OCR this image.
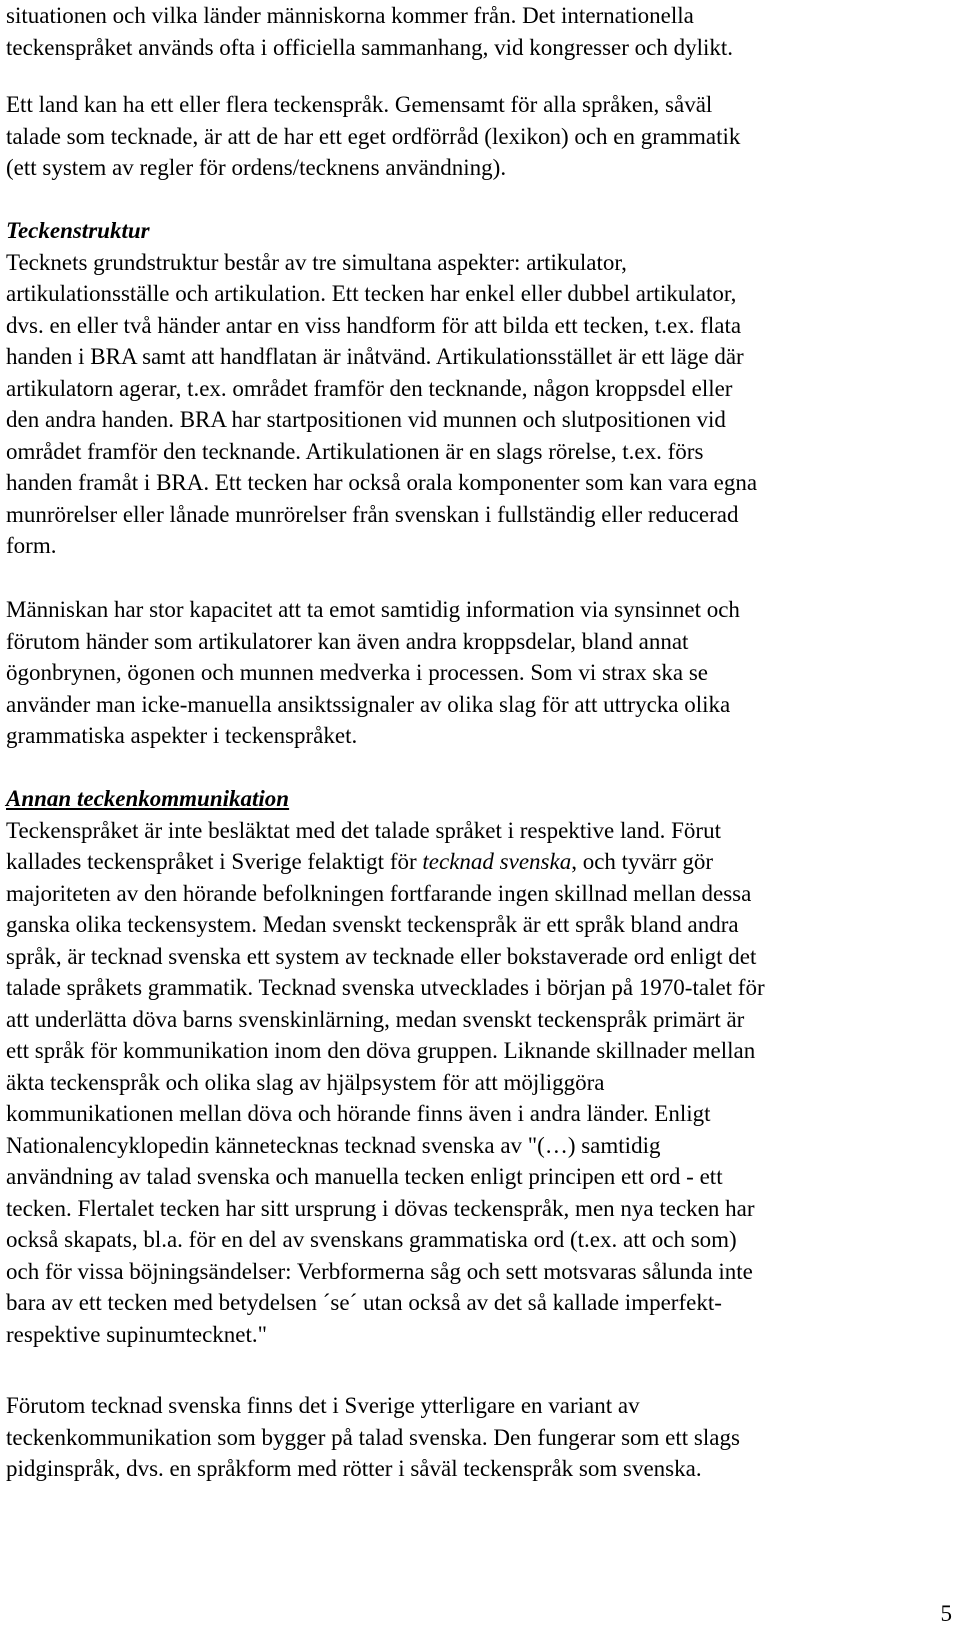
situationen och vilka länder människorna kommer från. Det internationella
teckenspråket används ofta i officiella sammanhang, vid kongresser och dylikt.

Ett land kan ha ett eller flera teckenspråk. Gemensamt för alla språken, såväl
talade som tecknade, är att de har ett eget ordförråd (lexikon) och en grammatik
(ett system av regler för ordens/tecknens användning).

Teckenstruktur
Tecknets grundstruktur består av tre simultana aspekter: artikulator,
artikulationsställe och artikulation. Ett tecken har enkel eller dubbel artikulator,
dvs. en eller två händer antar en viss handform för att bilda ett tecken, t.ex. flata
handen i BRA samt att handflatan är inåtvänd. Artikulationsstället är ett läge där
artikulatorn agerar, t.ex. området framför den tecknande, någon kroppsdel eller
den andra handen. BRA har startpositionen vid munnen och slutpositionen vid
området framför den tecknande. Artikulationen är en slags rörelse, t.ex. förs
handen framåt i BRA. Ett tecken har också orala komponenter som kan vara egna
munrörelser eller lånade munrörelser från svenskan i fullständig eller reducerad
form.

Människan har stor kapacitet att ta emot samtidig information via synsinnet och
förutom händer som artikulatorer kan även andra kroppsdelar, bland annat
ögonbrynen, ögonen och munnen medverka i processen. Som vi strax ska se
använder man icke-manuella ansiktssignaler av olika slag för att uttrycka olika
grammatiska aspekter i teckenspråket.

Annan teckenkommunikation
Teckenspråket är inte besläktat med det talade språket i respektive land. Förut
kallades teckenspråket i Sverige felaktigt för tecknad svenska, och tyvärr gör
majoriteten av den hörande befolkningen fortfarande ingen skillnad mellan dessa
ganska olika teckensystem. Medan svenskt teckenspråk är ett språk bland andra
språk, är tecknad svenska ett system av tecknade eller bokstaverade ord enligt det
talade språkets grammatik. Tecknad svenska utvecklades i början på 1970-talet för
att underlätta döva barns svenskinlärning, medan svenskt teckenspråk primärt är
ett språk för kommunikation inom den döva gruppen. Liknande skillnader mellan
äkta teckenspråk och olika slag av hjälpsystem för att möjliggöra
kommunikationen mellan döva och hörande finns även i andra länder. Enligt
Nationalencyklopedin kännetecknas tecknad svenska av "(…) samtidig
användning av talad svenska och manuella tecken enligt principen ett ord - ett
tecken. Flertalet tecken har sitt ursprung i dövas teckenspråk, men nya tecken har
också skapats, bl.a. för en del av svenskans grammatiska ord (t.ex. att och som)
och för vissa böjningsändelser: Verbformerna såg och sett motsvaras sålunda inte
bara av ett tecken med betydelsen ´se´ utan också av det så kallade imperfekt-
respektive supinumtecknet."

Förutom tecknad svenska finns det i Sverige ytterligare en variant av
teckenkommunikation som bygger på talad svenska. Den fungerar som ett slags
pidginspråk, dvs. en språkform med rötter i såväl teckenspråk som svenska.

5
